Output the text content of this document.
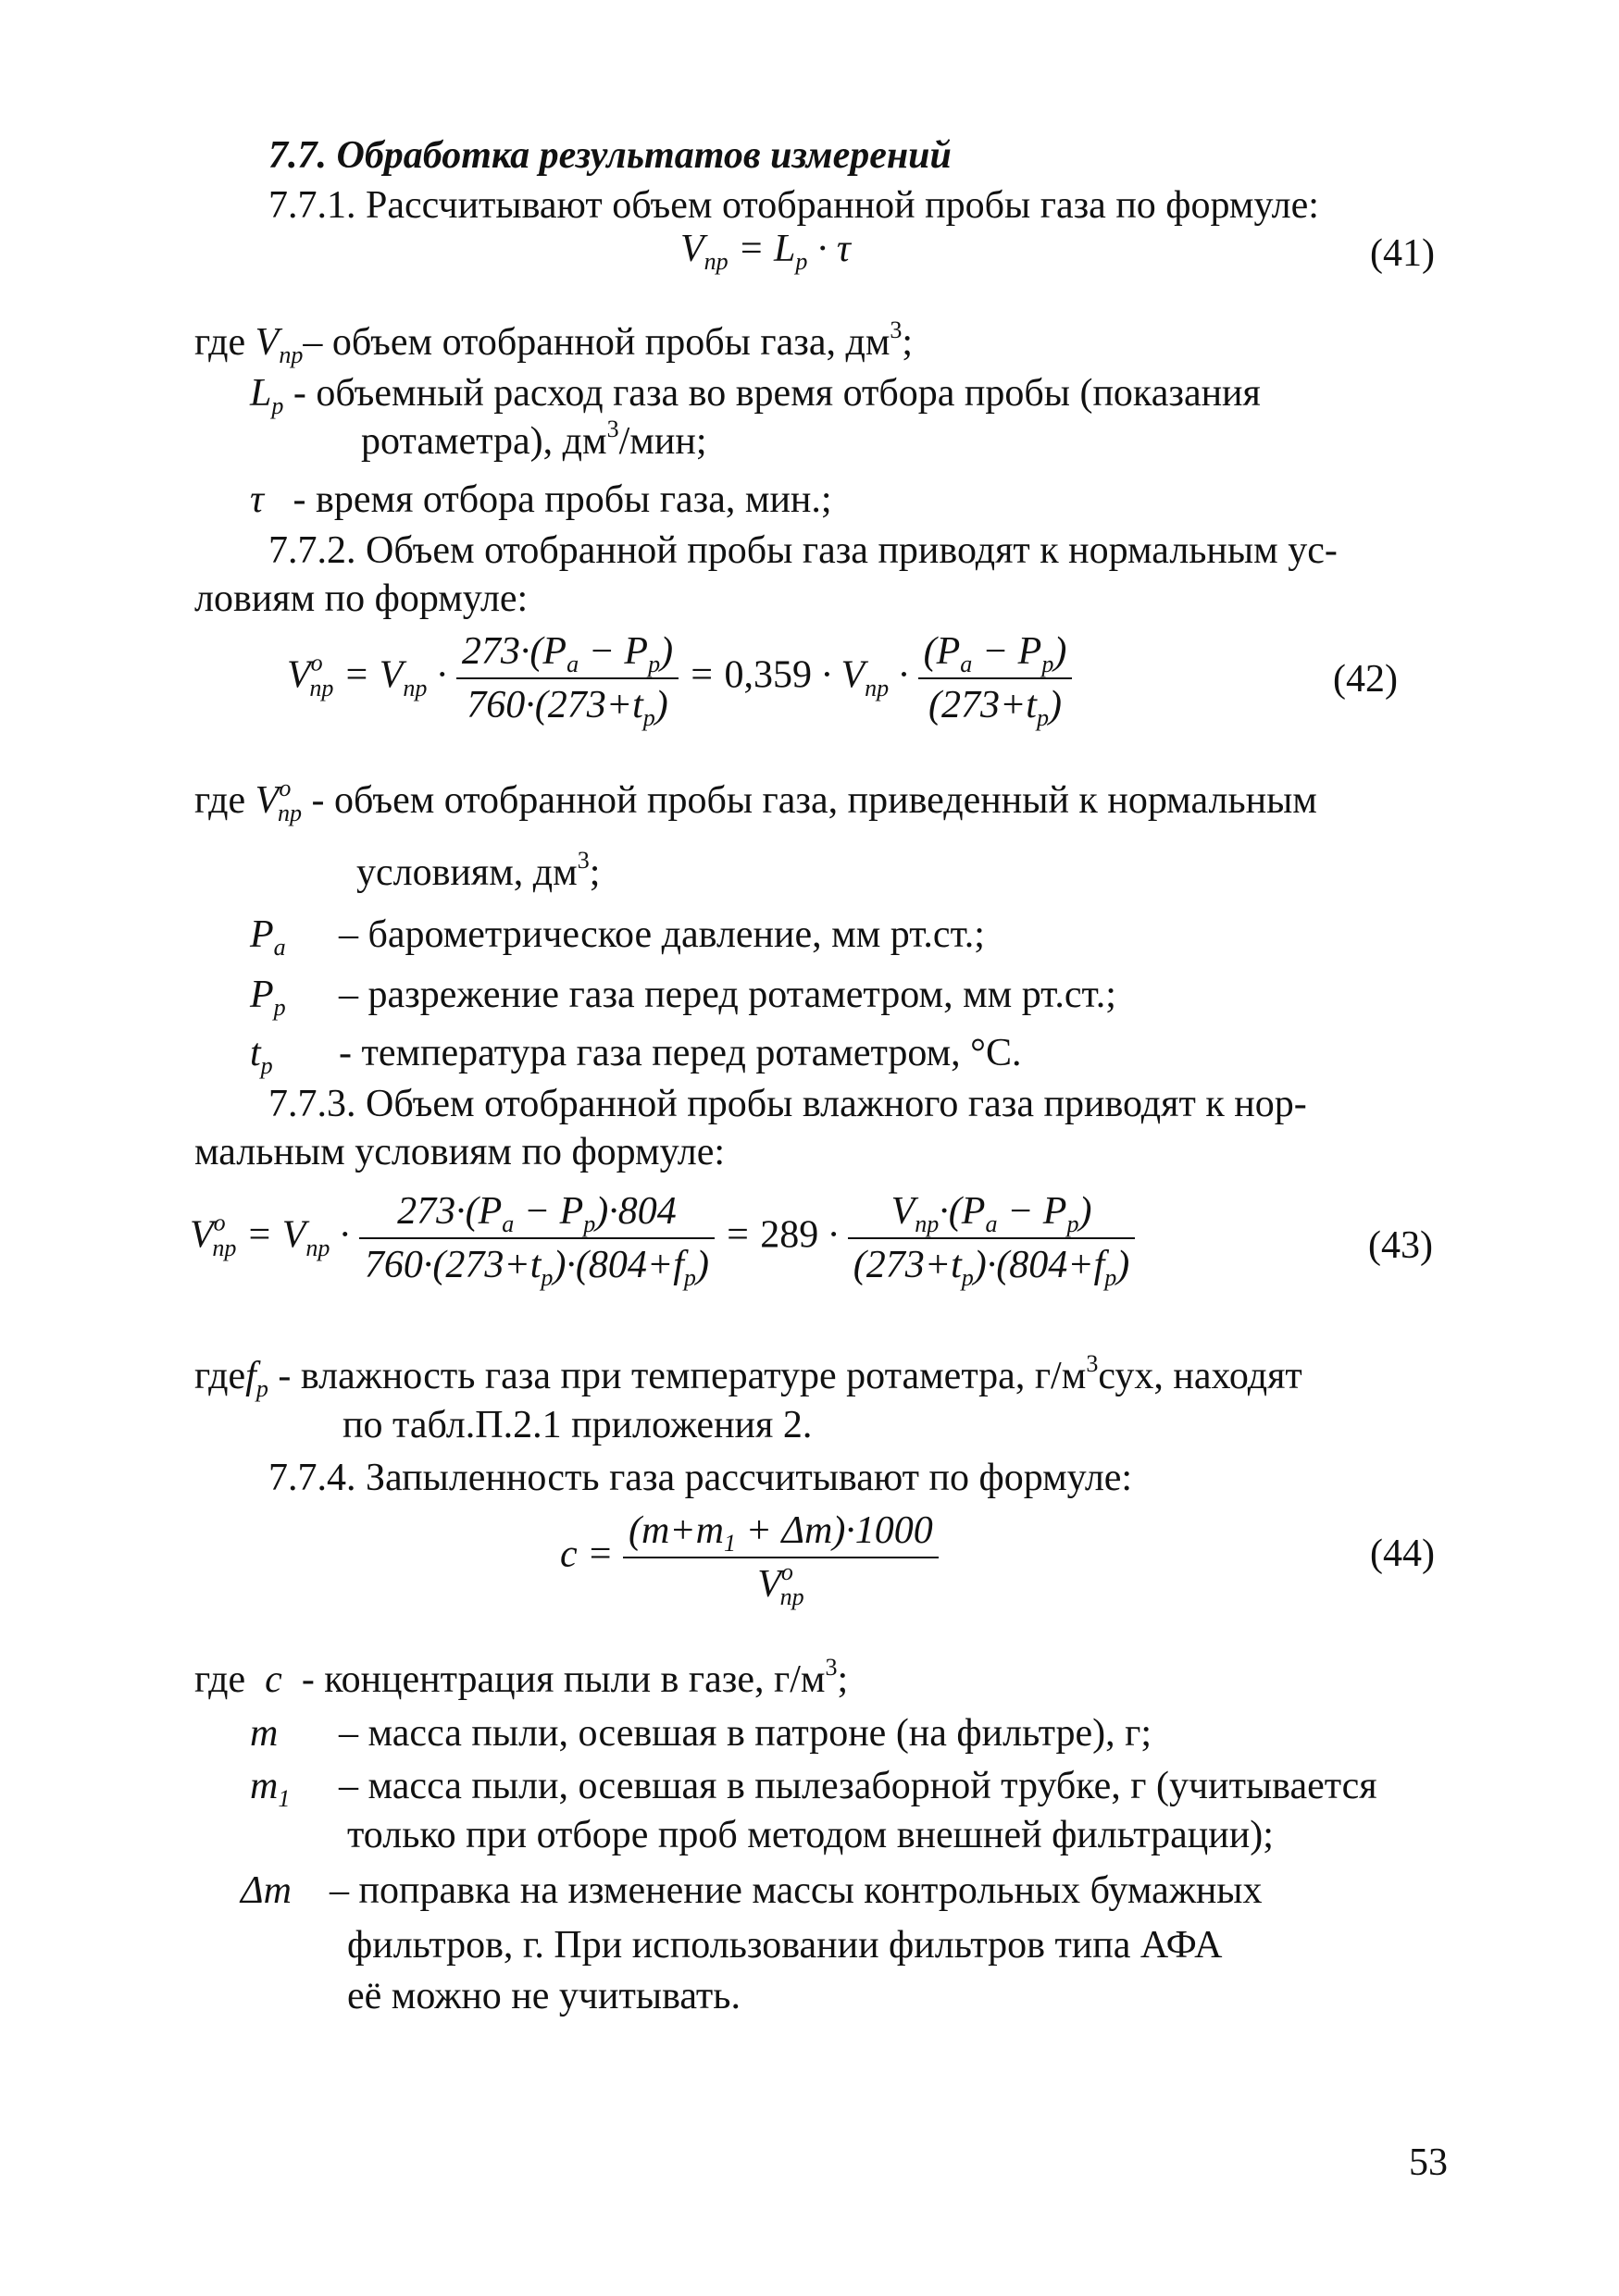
7.7. Обработка результатов измерений
7.7.1. Рассчитывают объем отобранной пробы газа по формуле:
$V_{пр} = L_р \cdot \tau$	(41)
где $V_{пр}-$ объем отобранной пробы газа, $дм^3$;
$L_р$ - объемный расход газа во время отбора пробы (показания
ротаметра), $дм^3$/мин;
τ - время отбора пробы газа, мин.;
7.7.2. Объем отобранной пробы газа приводят к нормальным ус-
ловиям по формуле:
$V^о_{пр} = V_{пр} \cdot \frac{273\cdot(P_а - P_р)}{760\cdot(273+t_р)} = 0,359 \cdot V_{пр} \cdot \frac{(P_а - P_р)}{(273+t_р)}$	(42)
где $V^о_{пр}$ - объем отобранной пробы газа, приведенный к нормальным
условиям, $дм^3$;
$P_а$ – барометрическое давление, мм рт.ст.;
$P_р$ – разрежение газа перед ротаметром, мм рт.ст.;
$t_р$ - температура газа перед ротаметром, °С.
7.7.3. Объем отобранной пробы влажного газа приводят к нор-
мальным условиям по формуле:
$V^о_{пр} = V_{пр} \cdot \frac{273\cdot(P_а - P_р)\cdot 804}{760\cdot(273+t_р)\cdot(804+f_р)} = 289 \cdot \frac{V_{пр}\cdot(P_а - P_р)}{(273+t_р)\cdot(804+f_р)}$	(43)
гдеf$_р$ - влажность газа при температуре ротаметра, $г/м^3сух$, находят
по табл.П.2.1 приложения 2.
7.7.4. Запыленность газа рассчитывают по формуле:
$c = \frac{(m+m_1 + \Delta m)\cdot 1000}{V^о_{пр}}$	(44)
где c - концентрация пыли в газе, $г/м^3$;
m – масса пыли, осевшая в патроне (на фильтре), г;
$m_1$ – масса пыли, осевшая в пылезаборной трубке, г (учитывается
только при отборе проб методом внешней фильтрации);
Δm – поправка на изменение массы контрольных бумажных
фильтров, г. При использовании фильтров типа АФА
её можно не учитывать.
53
